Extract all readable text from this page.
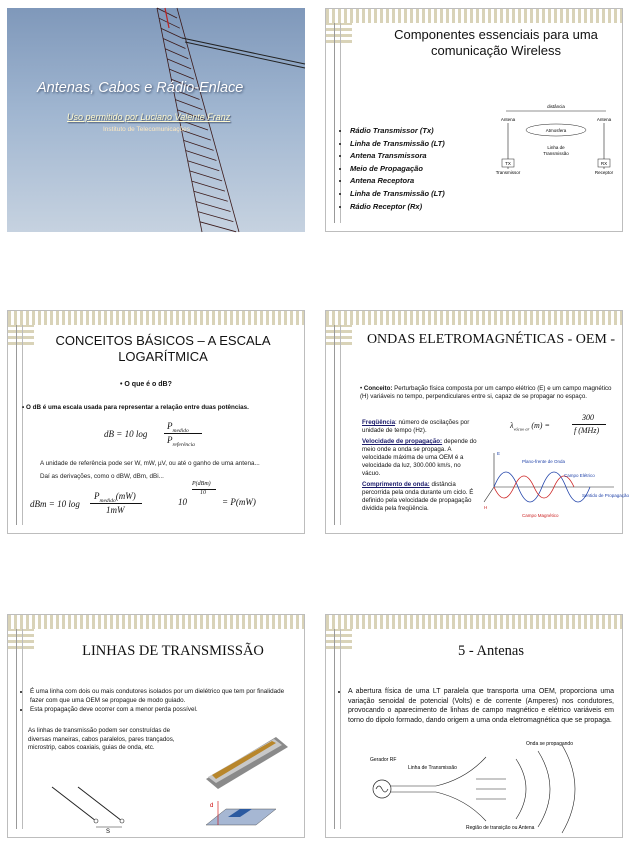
Antenas, Cabos e Rádio-Enlace
Uso permitido por Luciano Valente Franz
Instituto de Telecomunicações
Componentes essenciais para uma comunicação Wireless
• Rádio Transmissor (Tx)
• Linha de Transmissão (LT)
• Antena Transmissora
• Meio de Propagação
• Antena Receptora
• Linha de Transmissão (LT)
• Rádio Receptor (Rx)
distância
Antena	Antena
Atmosfera
Linha de
Transmissão
TX	RX
Transmissor	Receptor
CONCEITOS BÁSICOS – A ESCALA LOGARÍTMICA
• O que é o dB?
• O dB é uma escala usada para representar a relação entre duas potências.
dB = 10 log
$P_{medido}$
$P_{referência}$
A unidade de referência pode ser W, mW, µV, ou até o ganho de uma antena...
Daí as derivações, como o dBW, dBm, dBi...
dBm = 10 log
$P_{medido}(mW)$
1mW
P(dBm)
10
10	= P(mW)
ONDAS ELETROMAGNÉTICAS - OEM -
• Conceito: Perturbação física composta por um campo elétrico (E) e um campo magnético (H) variáveis no tempo, perpendiculares entre si, capaz de se propagar no espaço.
Freqüência: número de oscilações por unidade de tempo (Hz).
Velocidade de propagação: depende do meio onde a onda se propaga. A velocidade máxima de uma OEM é a velocidade da luz, 300.000 km/s, no vácuo.
Comprimento de onda: distância percorrida pela onda durante um ciclo. É definido pela velocidade de propagação dividida pela freqüência.
$\lambda_{vácuo ar}$ (m) =
300
f (MHz)
E
H
Plano-frente de Onda
Campo Elétrico
Campo Magnético
Sentido de Propagação
LINHAS DE TRANSMISSÃO
• É uma linha com dois ou mais condutores isolados por um dielétrico que tem por finalidade fazer com que uma OEM se propague de modo guiado.
• Esta propagação deve ocorrer com a menor perda possível.
As linhas de transmissão podem ser construídas de diversas maneiras, cabos paralelos, pares trançados, microstrip, cabos coaxiais, guias de onda, etc.
S
d
5 - Antenas
• A abertura física de uma LT paralela que transporta uma OEM, proporciona uma variação senoidal de potencial (Volts) e de corrente (Amperes) nos condutores, provocando o aparecimento de linhas de campo magnético e elétrico variáveis em torno do dipolo formado, dando origem a uma onda eletromagnética que se propaga.
Gerador RF
Linha de Transmissão
Onda se propagando
Região de transição ou Antena
